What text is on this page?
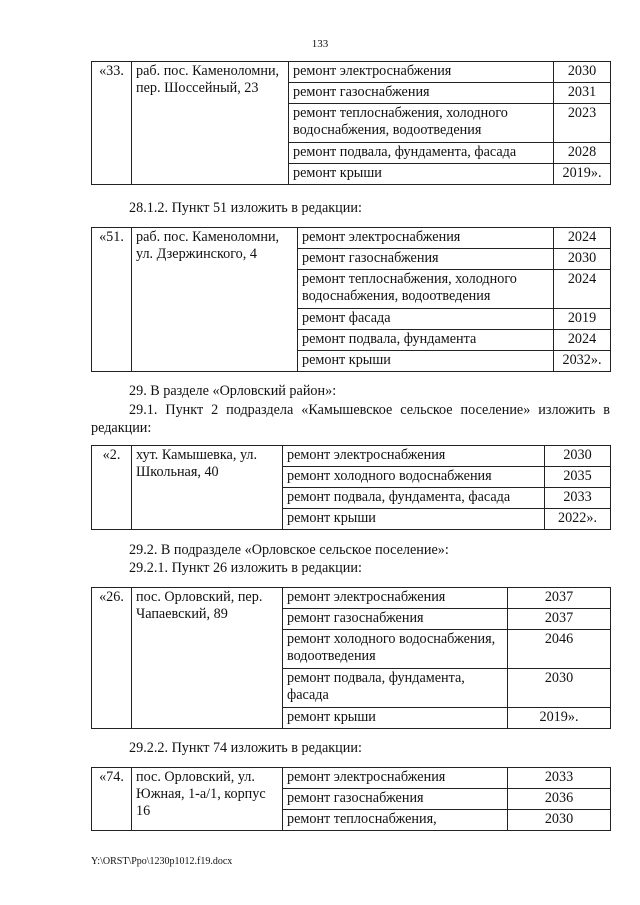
133
«33.	раб. пос. Каменоломни, пер. Шоссейный, 23	ремонт электроснабжения	2030
		ремонт газоснабжения	2031
		ремонт теплоснабжения, холодного водоснабжения, водоотведения	2023
		ремонт подвала, фундамента, фасада	2028
		ремонт крыши	2019».

28.1.2. Пункт 51 изложить в редакции:

«51.	раб. пос. Каменоломни, ул. Дзержинского, 4	ремонт электроснабжения	2024
		ремонт газоснабжения	2030
		ремонт теплоснабжения, холодного водоснабжения, водоотведения	2024
		ремонт фасада	2019
		ремонт подвала, фундамента	2024
		ремонт крыши	2032».

29. В разделе «Орловский район»:

29.1. Пункт 2 подраздела «Камышевское сельское поселение» изложить в редакции:

«2.	хут. Камышевка, ул. Школьная, 40	ремонт электроснабжения	2030
		ремонт холодного водоснабжения	2035
		ремонт подвала, фундамента, фасада	2033
		ремонт крыши	2022».

29.2. В подразделе «Орловское сельское поселение»:

29.2.1. Пункт 26 изложить в редакции:

«26.	пос. Орловский, пер. Чапаевский, 89	ремонт электроснабжения	2037
		ремонт газоснабжения	2037
		ремонт холодного водоснабжения, водоотведения	2046
		ремонт подвала, фундамента, фасада	2030
		ремонт крыши	2019».

29.2.2. Пункт 74 изложить в редакции:

«74.	пос. Орловский, ул. Южная, 1-а/1, корпус 16	ремонт электроснабжения	2033
		ремонт газоснабжения	2036
		ремонт теплоснабжения,	2030
Y:\ORST\Ppo\1230p1012.f19.docx
